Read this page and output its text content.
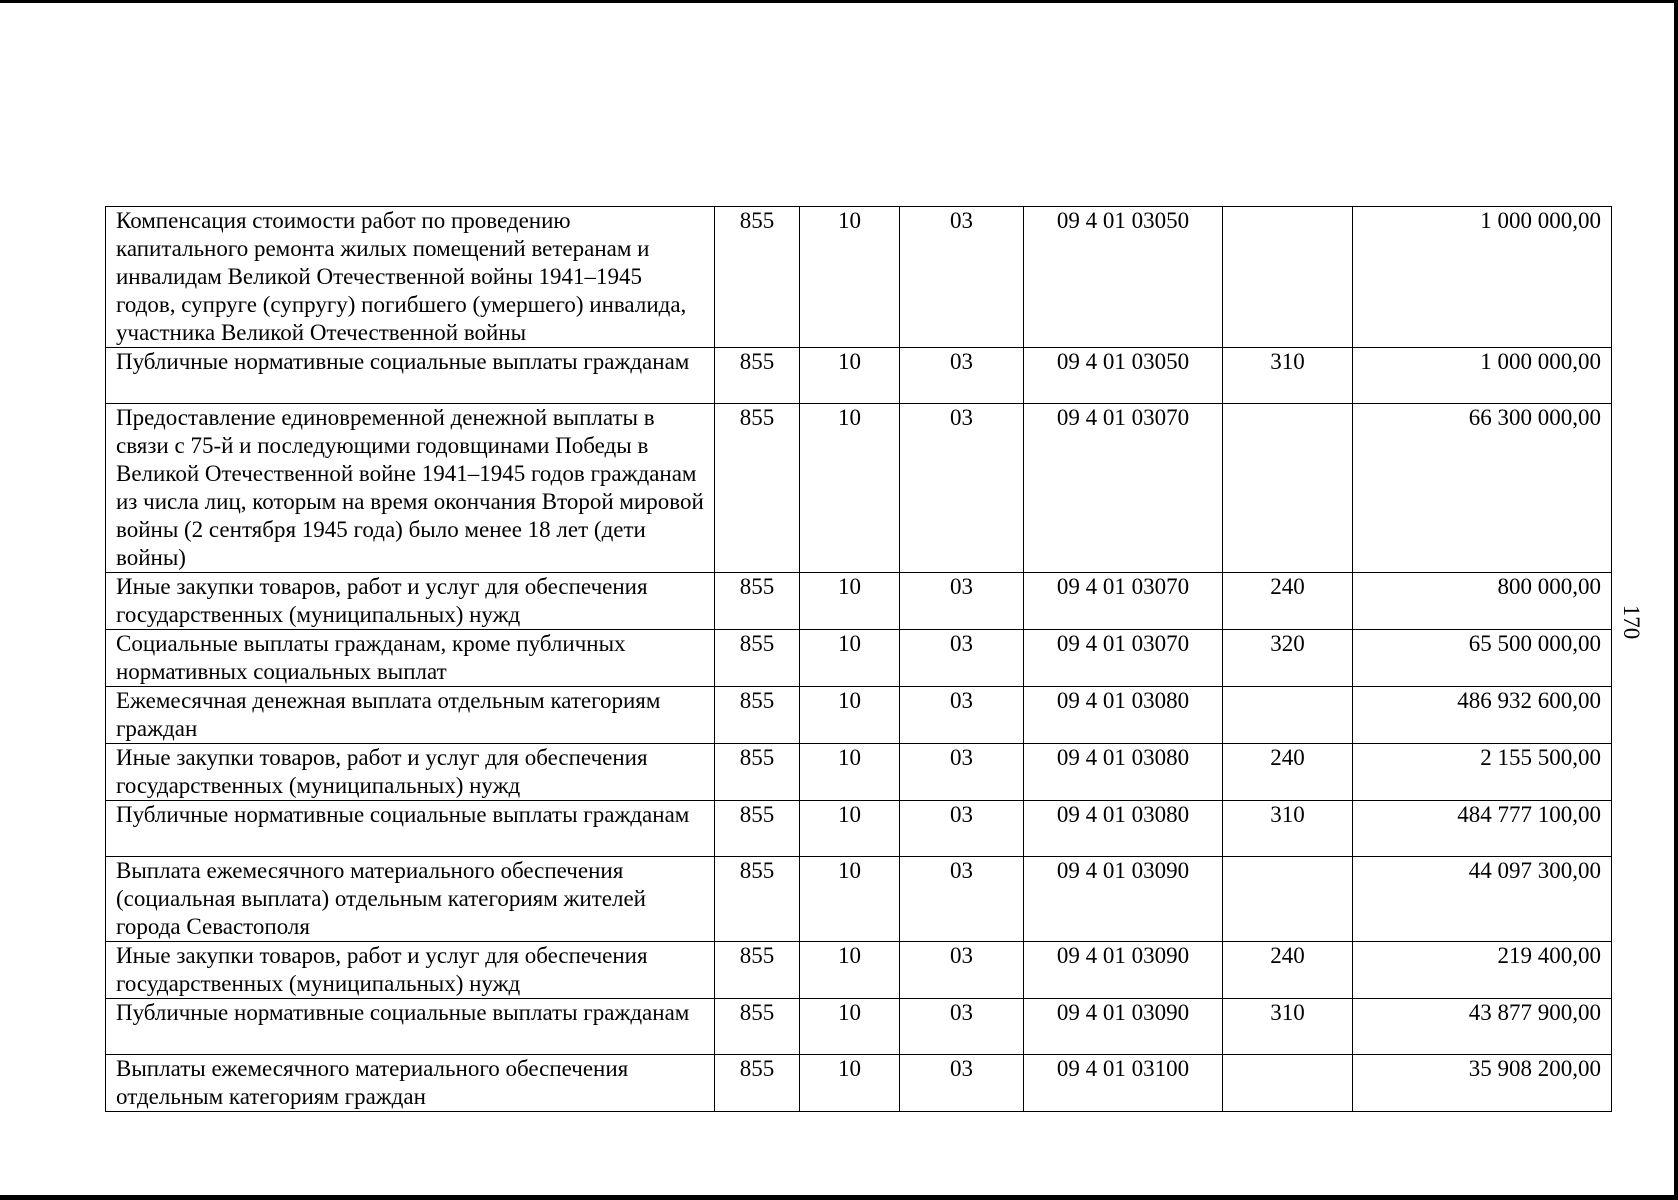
Компенсация стоимости работ по проведению капитального ремонта жилых помещений ветеранам и инвалидам Великой Отечественной войны 1941–1945 годов, супруге (супругу) погибшего (умершего) инвалида, участника Великой Отечественной войны	855	10	03	09 4 01 03050		1 000 000,00
Публичные нормативные социальные выплаты гражданам	855	10	03	09 4 01 03050	310	1 000 000,00
Предоставление единовременной денежной выплаты в связи с 75-й и последующими годовщинами Победы в Великой Отечественной войне 1941–1945 годов гражданам из числа лиц, которым на время окончания Второй мировой войны (2 сентября 1945 года) было менее 18 лет (дети войны)	855	10	03	09 4 01 03070		66 300 000,00
Иные закупки товаров, работ и услуг для обеспечения государственных (муниципальных) нужд	855	10	03	09 4 01 03070	240	800 000,00
Социальные выплаты гражданам, кроме публичных нормативных социальных выплат	855	10	03	09 4 01 03070	320	65 500 000,00
Ежемесячная денежная выплата отдельным категориям граждан	855	10	03	09 4 01 03080		486 932 600,00
Иные закупки товаров, работ и услуг для обеспечения государственных (муниципальных) нужд	855	10	03	09 4 01 03080	240	2 155 500,00
Публичные нормативные социальные выплаты гражданам	855	10	03	09 4 01 03080	310	484 777 100,00
Выплата ежемесячного материального обеспечения (социальная выплата) отдельным категориям жителей города Севастополя	855	10	03	09 4 01 03090		44 097 300,00
Иные закупки товаров, работ и услуг для обеспечения государственных (муниципальных) нужд	855	10	03	09 4 01 03090	240	219 400,00
Публичные нормативные социальные выплаты гражданам	855	10	03	09 4 01 03090	310	43 877 900,00
Выплаты ежемесячного материального обеспечения отдельным категориям граждан	855	10	03	09 4 01 03100		35 908 200,00
170
